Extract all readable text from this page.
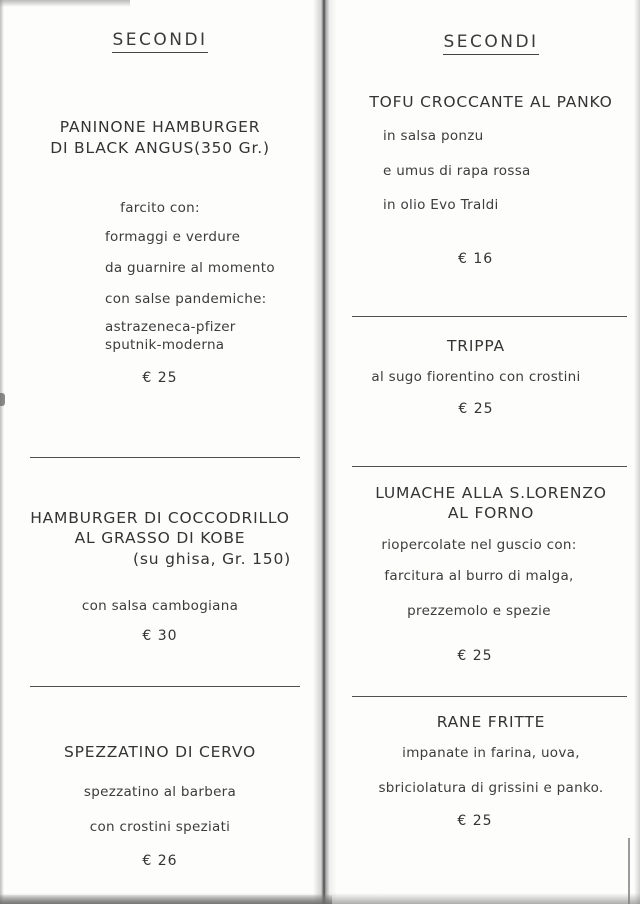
SECONDI
PANINONE HAMBURGER
DI BLACK ANGUS(350 Gr.)
farcito con:
formaggi e verdure
da guarnire al momento
con salse pandemiche:
astrazeneca-pfizer
sputnik-moderna
€ 25
HAMBURGER DI COCCODRILLO
AL GRASSO DI KOBE
(su ghisa, Gr. 150)
con salsa cambogiana
€ 30
SPEZZATINO DI CERVO
spezzatino al barbera
con crostini speziati
€ 26
SECONDI
TOFU CROCCANTE AL PANKO
in salsa ponzu
e umus di rapa rossa
in olio Evo Traldi
€ 16
TRIPPA
al sugo fiorentino con crostini
€ 25
LUMACHE ALLA S.LORENZO
AL FORNO
riopercolate nel guscio con:
farcitura al burro di malga,
prezzemolo e spezie
€ 25
RANE FRITTE
impanate in farina, uova,
sbriciolatura di grissini e panko.
€ 25
